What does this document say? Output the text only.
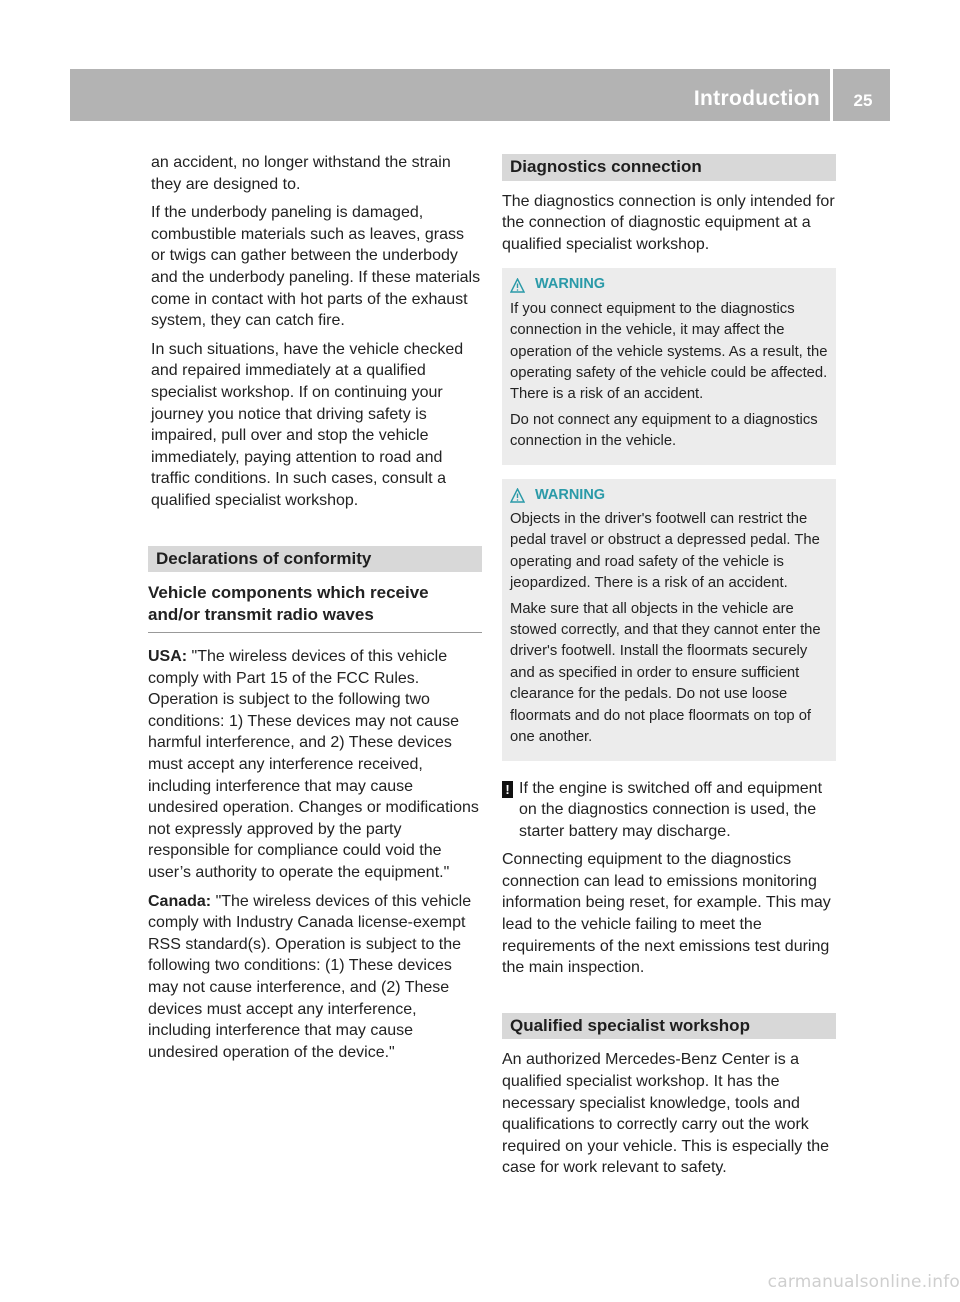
Introduction	25

an accident, no longer withstand the strain they are designed to.

If the underbody paneling is damaged, combustible materials such as leaves, grass or twigs can gather between the underbody and the underbody paneling. If these materials come in contact with hot parts of the exhaust system, they can catch fire.

In such situations, have the vehicle checked and repaired immediately at a qualified specialist workshop. If on continuing your journey you notice that driving safety is impaired, pull over and stop the vehicle immediately, paying attention to road and traffic conditions. In such cases, consult a qualified specialist workshop.

Declarations of conformity
Vehicle components which receive and/or transmit radio waves

USA: "The wireless devices of this vehicle comply with Part 15 of the FCC Rules. Operation is subject to the following two conditions: 1) These devices may not cause harmful interference, and 2) These devices must accept any interference received, including interference that may cause undesired operation. Changes or modifications not expressly approved by the party responsible for compliance could void the user’s authority to operate the equipment."

Canada: "The wireless devices of this vehicle comply with Industry Canada license-exempt RSS standard(s). Operation is subject to the following two conditions: (1) These devices may not cause interference, and (2) These devices must accept any interference, including interference that may cause undesired operation of the device."

Diagnostics connection

The diagnostics connection is only intended for the connection of diagnostic equipment at a qualified specialist workshop.

WARNING

If you connect equipment to the diagnostics connection in the vehicle, it may affect the operation of the vehicle systems. As a result, the operating safety of the vehicle could be affected. There is a risk of an accident.

Do not connect any equipment to a diagnostics connection in the vehicle.

WARNING

Objects in the driver's footwell can restrict the pedal travel or obstruct a depressed pedal. The operating and road safety of the vehicle is jeopardized. There is a risk of an accident.

Make sure that all objects in the vehicle are stowed correctly, and that they cannot enter the driver's footwell. Install the floormats securely and as specified in order to ensure sufficient clearance for the pedals. Do not use loose floormats and do not place floormats on top of one another.

! If the engine is switched off and equipment on the diagnostics connection is used, the starter battery may discharge.

Connecting equipment to the diagnostics connection can lead to emissions monitoring information being reset, for example. This may lead to the vehicle failing to meet the requirements of the next emissions test during the main inspection.

Qualified specialist workshop

An authorized Mercedes-Benz Center is a qualified specialist workshop. It has the necessary specialist knowledge, tools and qualifications to correctly carry out the work required on your vehicle. This is especially the case for work relevant to safety.

carmanualsonline.info
